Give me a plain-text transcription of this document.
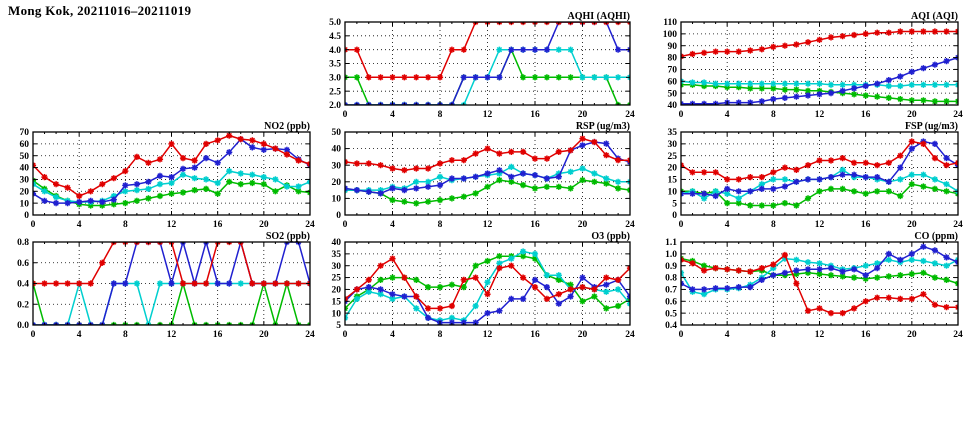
Mong Kok, 20211016–20211019
2.0
2.5
3.0
3.5
4.0
4.5
5.0
0	4	8	12	16	20	24
AQHI (AQHI)
40
50
60
70
80
90
100
110
0	4	8	12	16	20	24
AQI (AQI)
0
10
20
30
40
50
60
70
0	4	8	12	16	20	24
NO2 (ppb)
0
10
20
30
40
50
0	4	8	12	16	20	24
RSP (ug/m3)
0
5
10
15
20
25
30
35
0	4	8	12	16	20	24
FSP (ug/m3)
0.0
0.2
0.4
0.6
0.8
0	4	8	12	16	20	24
SO2 (ppb)
5
10
15
20
25
30
35
40
0	4	8	12	16	20	24
O3 (ppb)
0.4
0.5
0.6
0.7
0.8
0.9
1.0
1.1
0	4	8	12	16	20	24
CO (ppm)
